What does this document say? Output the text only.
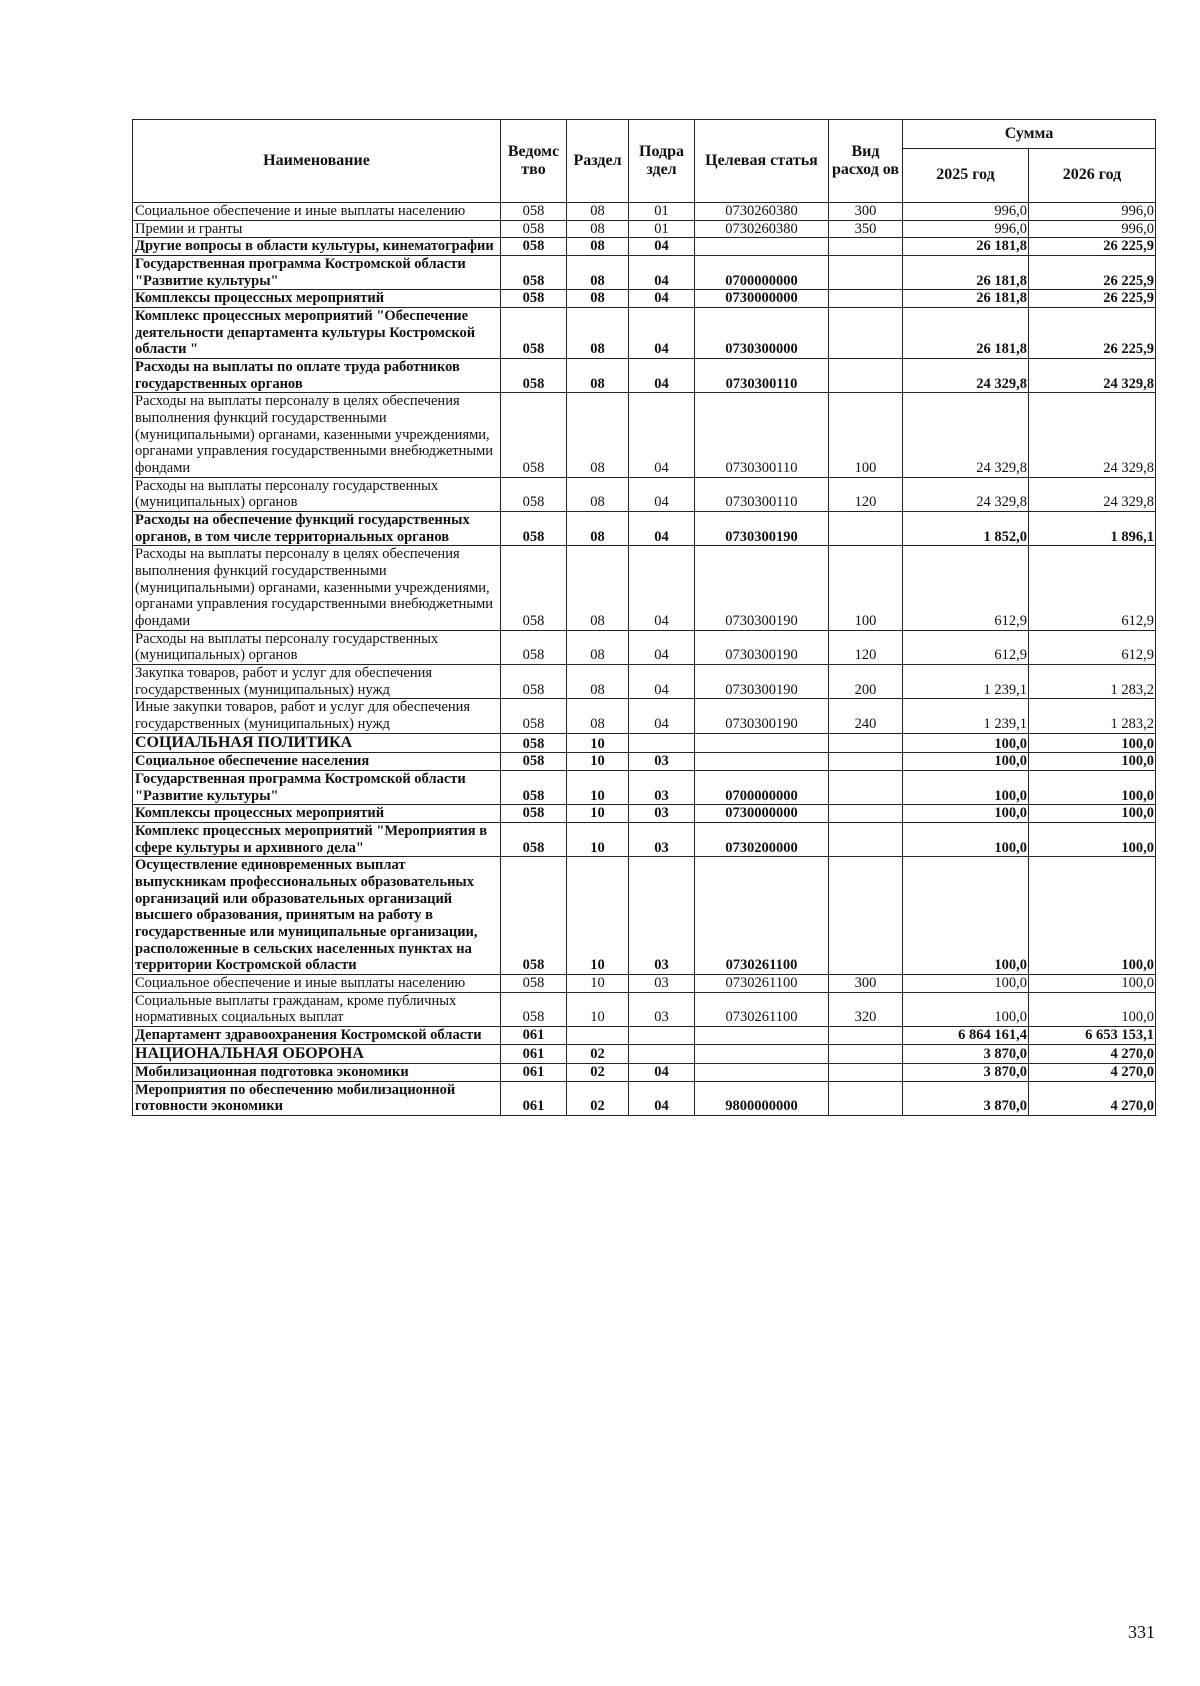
Наименование	Ведомс тво	Раздел	Подра здел	Целевая статья	Вид расход ов	Сумма	
						2025 год	2026 год
Социальное обеспечение и иные выплаты населению	058	08	01	0730260380	300	996,0	996,0
Премии и гранты	058	08	01	0730260380	350	996,0	996,0
Другие вопросы в области культуры, кинематографии	058	08	04			26 181,8	26 225,9
Государственная программа Костромской области "Развитие культуры"	058	08	04	0700000000		26 181,8	26 225,9
Комплексы процессных мероприятий	058	08	04	0730000000		26 181,8	26 225,9
Комплекс процессных мероприятий "Обеспечение деятельности департамента культуры Костромской области "	058	08	04	0730300000		26 181,8	26 225,9
Расходы на выплаты по оплате труда работников государственных органов	058	08	04	0730300110		24 329,8	24 329,8
Расходы на выплаты персоналу в целях обеспечения выполнения функций государственными (муниципальными) органами, казенными учреждениями, органами управления государственными внебюджетными фондами	058	08	04	0730300110	100	24 329,8	24 329,8
Расходы на выплаты персоналу государственных (муниципальных) органов	058	08	04	0730300110	120	24 329,8	24 329,8
Расходы на обеспечение функций государственных органов, в том числе территориальных органов	058	08	04	0730300190		1 852,0	1 896,1
Расходы на выплаты персоналу в целях обеспечения выполнения функций государственными (муниципальными) органами, казенными учреждениями, органами управления государственными внебюджетными фондами	058	08	04	0730300190	100	612,9	612,9
Расходы на выплаты персоналу государственных (муниципальных) органов	058	08	04	0730300190	120	612,9	612,9
Закупка товаров, работ и услуг для обеспечения государственных (муниципальных) нужд	058	08	04	0730300190	200	1 239,1	1 283,2
Иные закупки товаров, работ и услуг для обеспечения государственных (муниципальных) нужд	058	08	04	0730300190	240	1 239,1	1 283,2
СОЦИАЛЬНАЯ ПОЛИТИКА	058	10				100,0	100,0
Социальное обеспечение населения	058	10	03			100,0	100,0
Государственная программа Костромской области "Развитие культуры"	058	10	03	0700000000		100,0	100,0
Комплексы процессных мероприятий	058	10	03	0730000000		100,0	100,0
Комплекс процессных мероприятий "Мероприятия в сфере культуры и архивного дела"	058	10	03	0730200000		100,0	100,0
Осуществление единовременных выплат выпускникам профессиональных образовательных организаций или образовательных организаций высшего образования, принятым на работу в государственные или муниципальные организации, расположенные в сельских населенных пунктах на территории Костромской области	058	10	03	0730261100		100,0	100,0
Социальное обеспечение и иные выплаты населению	058	10	03	0730261100	300	100,0	100,0
Социальные выплаты гражданам, кроме публичных нормативных социальных выплат	058	10	03	0730261100	320	100,0	100,0
Департамент здравоохранения Костромской области	061					6 864 161,4	6 653 153,1
НАЦИОНАЛЬНАЯ ОБОРОНА	061	02				3 870,0	4 270,0
Мобилизационная подготовка экономики	061	02	04			3 870,0	4 270,0
Мероприятия по обеспечению мобилизационной готовности экономики	061	02	04	9800000000		3 870,0	4 270,0
331
